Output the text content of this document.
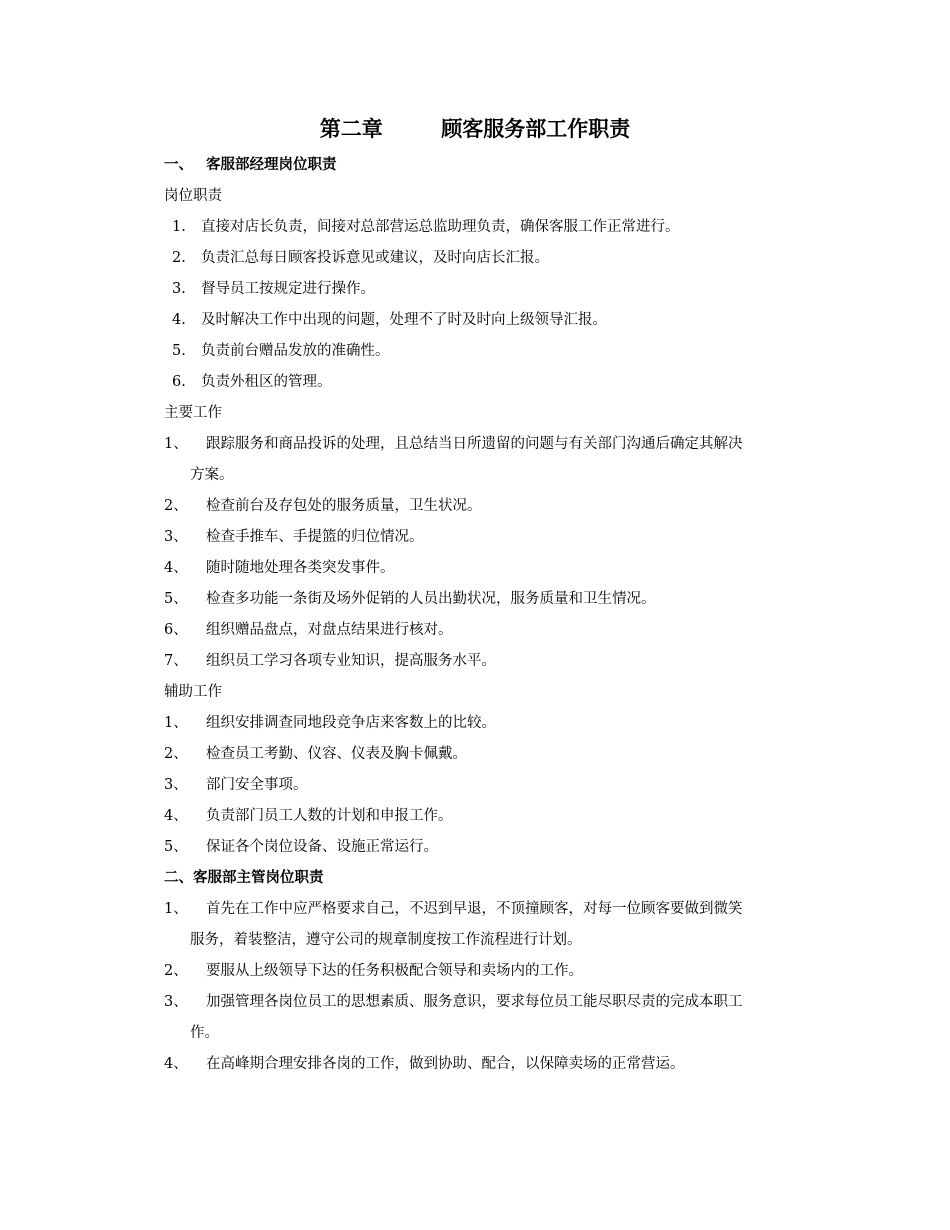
第二章        顾客服务部工作职责
一、 客服部经理岗位职责
岗位职责
1.	直接对店长负责，间接对总部营运总监助理负责，确保客服工作正常进行。
2.	负责汇总每日顾客投诉意见或建议，及时向店长汇报。
3.	督导员工按规定进行操作。
4.	及时解决工作中出现的问题，处理不了时及时向上级领导汇报。
5.	负责前台赠品发放的准确性。
6.	负责外租区的管理。
主要工作
1、	跟踪服务和商品投诉的处理，且总结当日所遗留的问题与有关部门沟通后确定其解决
方案。
2、	检查前台及存包处的服务质量，卫生状况。
3、	检查手推车、手提篮的归位情况。
4、	随时随地处理各类突发事件。
5、	检查多功能一条街及场外促销的人员出勤状况，服务质量和卫生情况。
6、	组织赠品盘点，对盘点结果进行核对。
7、	组织员工学习各项专业知识，提高服务水平。
辅助工作
1、	组织安排调查同地段竞争店来客数上的比较。
2、	检查员工考勤、仪容、仪表及胸卡佩戴。
3、	部门安全事项。
4、	负责部门员工人数的计划和申报工作。
5、	保证各个岗位设备、设施正常运行。
二、客服部主管岗位职责
1、	首先在工作中应严格要求自己，不迟到早退，不顶撞顾客，对每一位顾客要做到微笑
服务，着装整洁，遵守公司的规章制度按工作流程进行计划。
2、	要服从上级领导下达的任务积极配合领导和卖场内的工作。
3、	加强管理各岗位员工的思想素质、服务意识，要求每位员工能尽职尽责的完成本职工
作。
4、	在高峰期合理安排各岗的工作，做到协助、配合，以保障卖场的正常营运。
